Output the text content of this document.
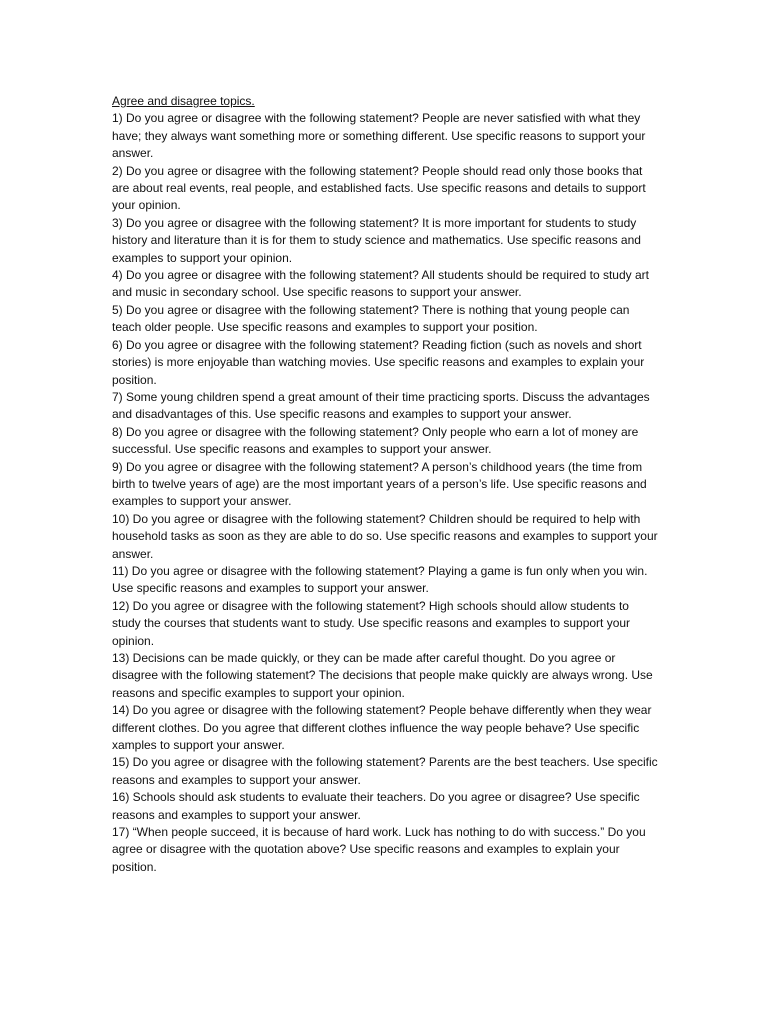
Agree and disagree topics.

1) Do you agree or disagree with the following statement? People are never satisfied with what they have; they always want something more or something different. Use specific reasons to support your answer.

2) Do you agree or disagree with the following statement? People should read only those books that are about real events, real people, and established facts. Use specific reasons and details to support your opinion.

3) Do you agree or disagree with the following statement? It is more important for students to study history and literature than it is for them to study science and mathematics. Use specific reasons and examples to support your opinion.

4) Do you agree or disagree with the following statement? All students should be required to study art and music in secondary school. Use specific reasons to support your answer.

5) Do you agree or disagree with the following statement? There is nothing that young people can teach older people. Use specific reasons and examples to support your position.

6) Do you agree or disagree with the following statement? Reading fiction (such as novels and short stories) is more enjoyable than watching movies. Use specific reasons and examples to explain your position.

7) Some young children spend a great amount of their time practicing sports. Discuss the advantages and disadvantages of this. Use specific reasons and examples to support your answer.

8) Do you agree or disagree with the following statement? Only people who earn a lot of money are successful. Use specific reasons and examples to support your answer.

9) Do you agree or disagree with the following statement? A person’s childhood years (the time from birth to twelve years of age) are the most important years of a person’s life. Use specific reasons and examples to support your answer.

10) Do you agree or disagree with the following statement? Children should be required to help with household tasks as soon as they are able to do so. Use specific reasons and examples to support your answer.

11) Do you agree or disagree with the following statement? Playing a game is fun only when you win. Use specific reasons and examples to support your answer.

12) Do you agree or disagree with the following statement? High schools should allow students to study the courses that students want to study. Use specific reasons and examples to support your opinion.

13) Decisions can be made quickly, or they can be made after careful thought. Do you agree or disagree with the following statement? The decisions that people make quickly are always wrong. Use reasons and specific examples to support your opinion.

14) Do you agree or disagree with the following statement? People behave differently when they wear different clothes. Do you agree that different clothes influence the way people behave? Use specific xamples to support your answer.

15) Do you agree or disagree with the following statement? Parents are the best teachers. Use specific reasons and examples to support your answer.

16) Schools should ask students to evaluate their teachers. Do you agree or disagree? Use specific reasons and examples to support your answer.

17) “When people succeed, it is because of hard work. Luck has nothing to do with success.” Do you agree or disagree with the quotation above? Use specific reasons and examples to explain your position.
